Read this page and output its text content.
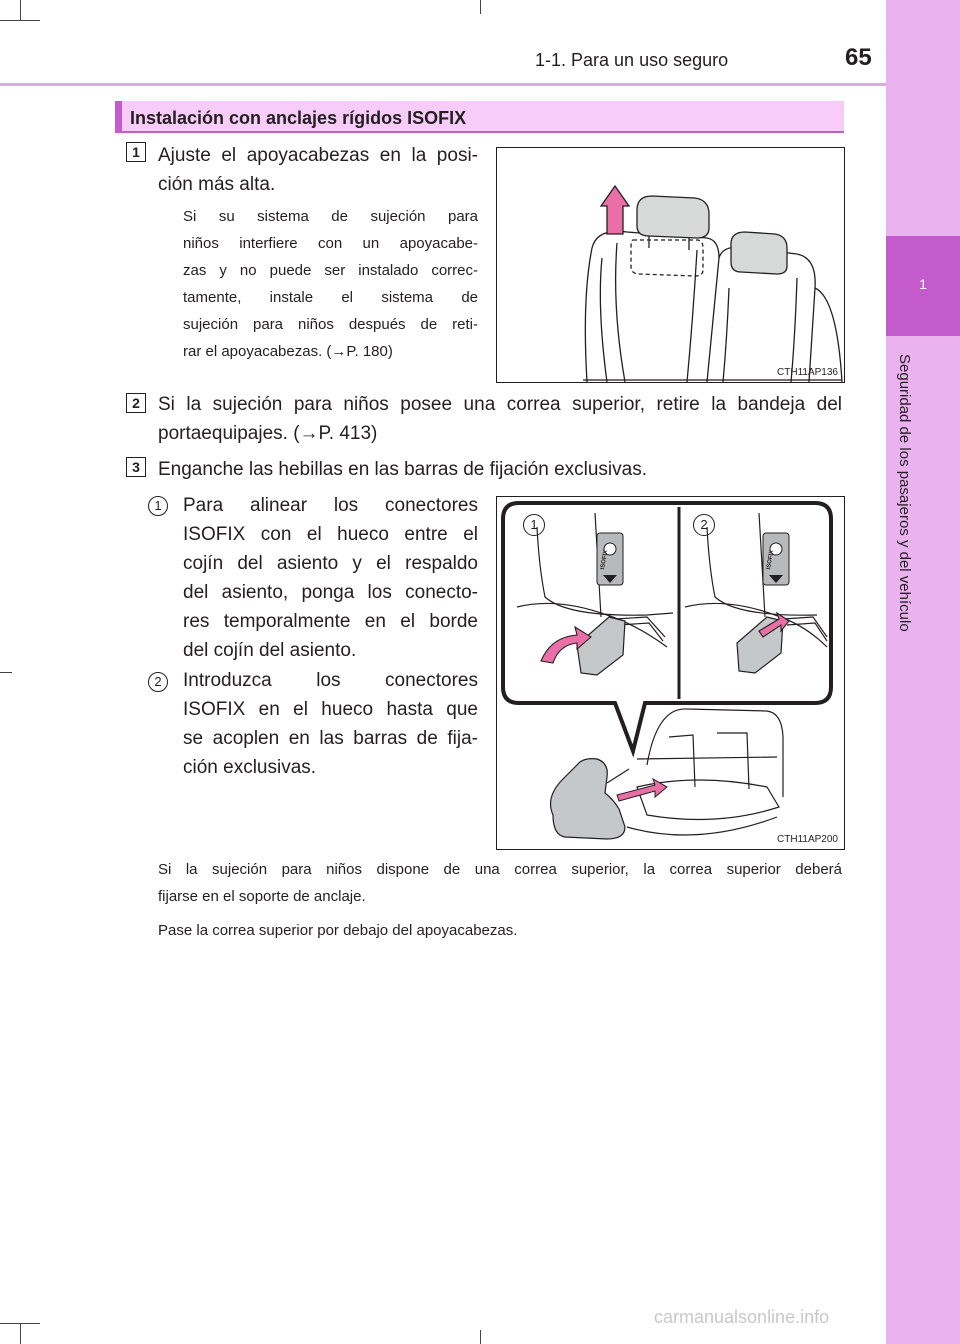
1
Seguridad de los pasajeros y del vehículo
1-1. Para un uso seguro	65
Instalación con anclajes rígidos ISOFIX
1 Ajuste el apoyacabezas en la posi-
ción más alta.
Si su sistema de sujeción para
niños interfiere con un apoyacabe-
zas y no puede ser instalado correc-
tamente, instale el sistema de
sujeción para niños después de reti-
rar el apoyacabezas. (→P. 180)
CTH11AP136
2 Si la sujeción para niños posee una correa superior, retire la bandeja del
portaequipajes. (→P. 413)
3 Enganche las hebillas en las barras de fijación exclusivas.
1	Para alinear los conectores
ISOFIX con el hueco entre el
cojín del asiento y el respaldo
del asiento, ponga los conecto-
res temporalmente en el borde
del cojín del asiento.
2	Introduzca los conectores
ISOFIX en el hueco hasta que
se acoplen en las barras de fija-
ción exclusivas.
1	2
ISOFIX	ISOFIX
CTH11AP200
Si la sujeción para niños dispone de una correa superior, la correa superior deberá
fijarse en el soporte de anclaje.
Pase la correa superior por debajo del apoyacabezas.
carmanualsonline.info
